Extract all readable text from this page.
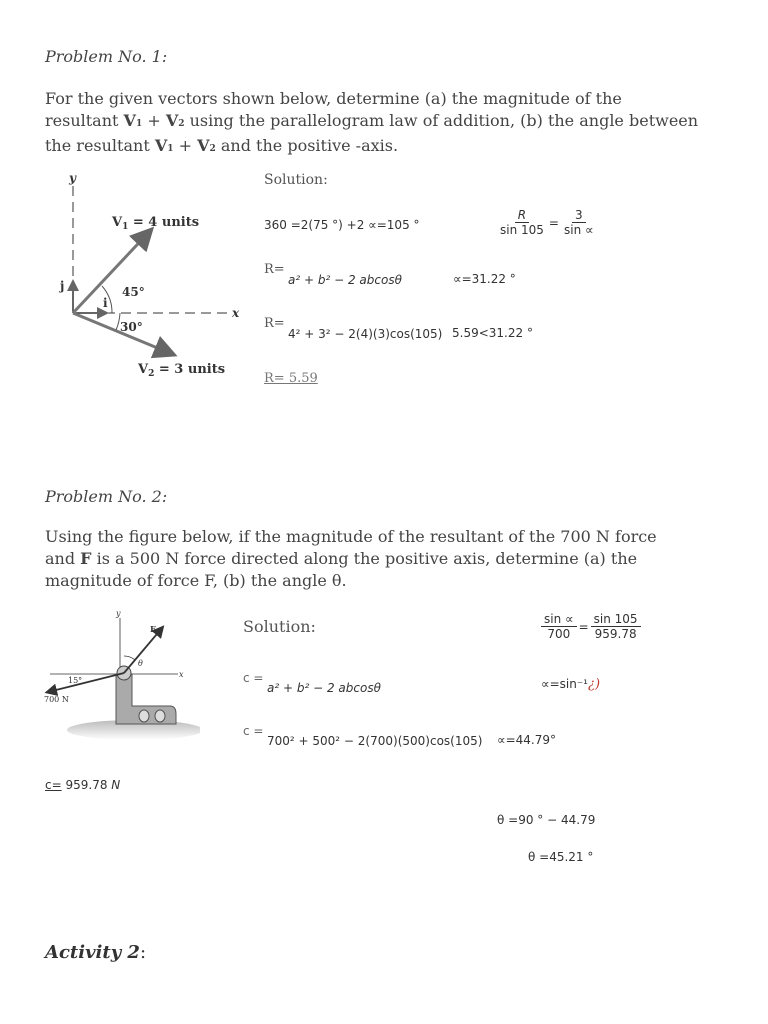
Problem No. 1:
For the given vectors shown below, determine (a) the magnitude of the
resultant V1 + V2 using the parallelogram law of addition, (b) the angle between
the resultant V1 + V2 and the positive -axis.
y
x
j
i
45°
30°
$V_1 = 4$ units
$V_2 = 3$ units
Solution:
360 =2(75 °) +2 ∝=105 °	$\frac{R}{\sin 105} = \frac{3}{\sin \propto}$
R=
a² + b² − 2 abcosθ	∝=31.22 °
R=
4² + 3² − 2(4)(3)cos(105) 5.59<31.22 °
R= 5.59
Problem No. 2:
Using the figure below, if the magnitude of the resultant of the 700 N force
and F is a 500 N force directed along the positive axis, determine (a) the
magnitude of force F, (b) the angle θ.
y
x
F
θ
15°
700 N
Solution:	$\frac{\sin \propto}{700} = \frac{\sin 105}{959.78}$
c =
a² + b² − 2 abcosθ	∝=sin⁻¹¿)
c =
700² + 500² − 2(700)(500)cos(105) ∝=44.79°
c= 959.78 N
θ =90 ° − 44.79
θ =45.21 °
Activity 2:
